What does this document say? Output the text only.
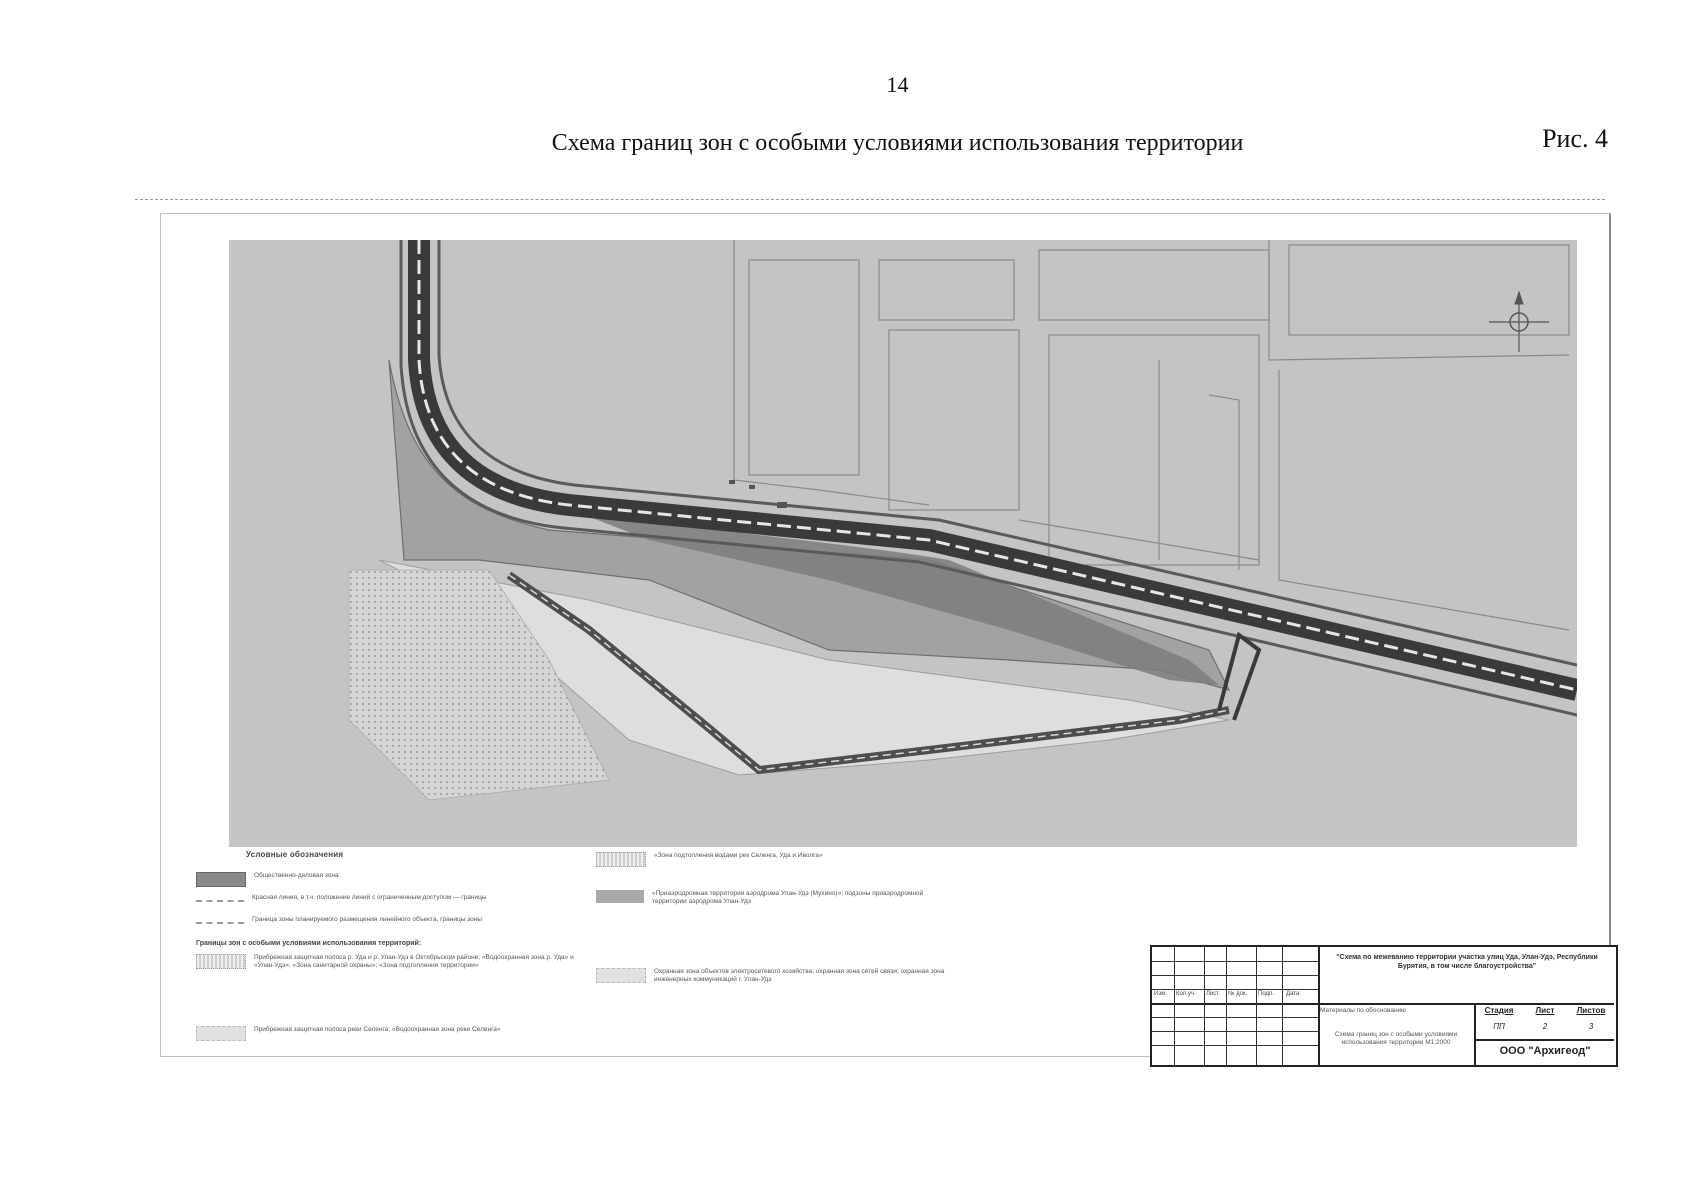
14
Схема границ зон с особыми условиями использования территории	Рис. 4
Условные обозначения
Общественно-деловая зона
Красная линия, в т.ч. положение линий с ограниченным доступом — границы
Граница зоны планируемого размещения линейного объекта, границы зоны
Границы зон с особыми условиями использования территорий:
Прибрежная защитная полоса р. Уда и р. Улан-Удэ в Октябрьском районе; «Водоохранная зона р. Уда» и «Улан-Удэ»; «Зона санитарной охраны»; «Зона подтопления территории»
Прибрежная защитная полоса реки Селенга; «Водоохранная зона реки Селенга»
«Зона подтопления водами рек Селенга, Уда и Иволга»
«Приаэродромная территория аэродрома Улан-Удэ (Мухино)»; подзоны приаэродромной территории аэродрома Улан-Удэ
Охранная зона объектов электросетевого хозяйства; охранная зона сетей связи; охранная зона инженерных коммуникаций г. Улан-Удэ
Изм. Кол.уч. Лист № док. Подп. Дата
"Схема по межеванию территории участка улиц Уда, Улан-Удэ, Республики Бурятия, в том числе благоустройства"
Материалы по обоснованию
Схема границ зон с особыми условиями использования территории М1:2000
Стадия	Лист	Листов
ПП	2	3
ООО "Архигеод"
